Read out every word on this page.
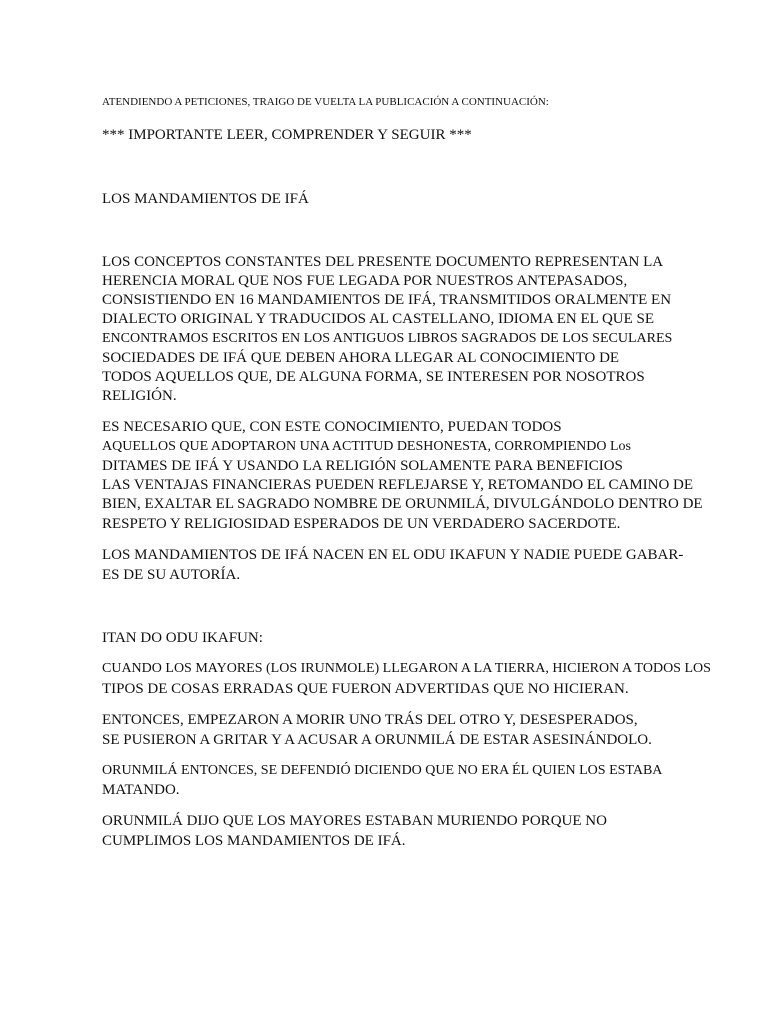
ATENDIENDO A PETICIONES, TRAIGO DE VUELTA LA PUBLICACIÓN A CONTINUACIÓN:
*** IMPORTANTE LEER, COMPRENDER Y SEGUIR ***
LOS MANDAMIENTOS DE IFÁ
LOS CONCEPTOS CONSTANTES DEL PRESENTE DOCUMENTO REPRESENTAN LA
HERENCIA MORAL QUE NOS FUE LEGADA POR NUESTROS ANTEPASADOS,
CONSISTIENDO EN 16 MANDAMIENTOS DE IFÁ, TRANSMITIDOS ORALMENTE EN
DIALECTO ORIGINAL Y TRADUCIDOS AL CASTELLANO, IDIOMA EN EL QUE SE
ENCONTRAMOS ESCRITOS EN LOS ANTIGUOS LIBROS SAGRADOS DE LOS SECULARES
SOCIEDADES DE IFÁ QUE DEBEN AHORA LLEGAR AL CONOCIMIENTO DE
TODOS AQUELLOS QUE, DE ALGUNA FORMA, SE INTERESEN POR NOSOTROS
RELIGIÓN.
ES NECESARIO QUE, CON ESTE CONOCIMIENTO, PUEDAN TODOS
AQUELLOS QUE ADOPTARON UNA ACTITUD DESHONESTA, CORROMPIENDO Los
DITAMES DE IFÁ Y USANDO LA RELIGIÓN SOLAMENTE PARA BENEFICIOS
LAS VENTAJAS FINANCIERAS PUEDEN REFLEJARSE Y, RETOMANDO EL CAMINO DE
BIEN, EXALTAR EL SAGRADO NOMBRE DE ORUNMILÁ, DIVULGÁNDOLO DENTRO DE
RESPETO Y RELIGIOSIDAD ESPERADOS DE UN VERDADERO SACERDOTE.
LOS MANDAMIENTOS DE IFÁ NACEN EN EL ODU IKAFUN Y NADIE PUEDE GABAR-
ES DE SU AUTORÍA.
ITAN DO ODU IKAFUN:
CUANDO LOS MAYORES (LOS IRUNMOLE) LLEGARON A LA TIERRA, HICIERON A TODOS LOS
TIPOS DE COSAS ERRADAS QUE FUERON ADVERTIDAS QUE NO HICIERAN.
ENTONCES, EMPEZARON A MORIR UNO TRÁS DEL OTRO Y, DESESPERADOS,
SE PUSIERON A GRITAR Y A ACUSAR A ORUNMILÁ DE ESTAR ASESINÁNDOLO.
ORUNMILÁ ENTONCES, SE DEFENDIÓ DICIENDO QUE NO ERA ÉL QUIEN LOS ESTABA
MATANDO.
ORUNMILÁ DIJO QUE LOS MAYORES ESTABAN MURIENDO PORQUE NO
CUMPLIMOS LOS MANDAMIENTOS DE IFÁ.
